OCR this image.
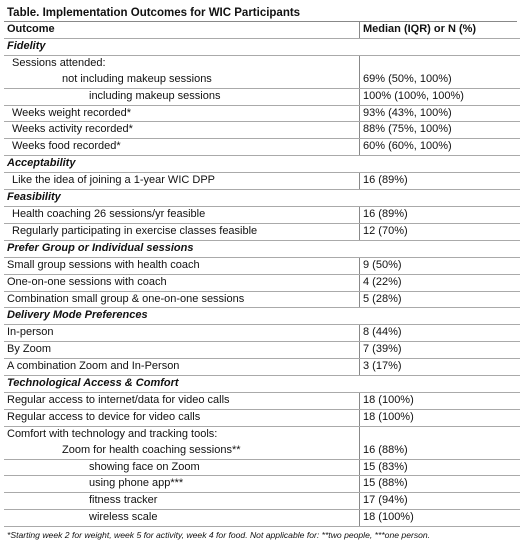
Table. Implementation Outcomes for WIC Participants
Outcome	Median (IQR) or N (%)
Fidelity	
Sessions attended:	
not including makeup sessions	69% (50%, 100%)
including makeup sessions	100% (100%, 100%)
Weeks weight recorded*	93% (43%, 100%)
Weeks activity recorded*	88% (75%, 100%)
Weeks food recorded*	60% (60%, 100%)
Acceptability	
Like the idea of joining a 1-year WIC DPP	16 (89%)
Feasibility	
Health coaching 26 sessions/yr feasible	16 (89%)
Regularly participating in exercise classes feasible	12 (70%)
Prefer Group or Individual sessions	
Small group sessions with health coach	9 (50%)
One-on-one sessions with coach	4 (22%)
Combination small group & one-on-one sessions	5 (28%)
Delivery Mode Preferences	
In-person	8 (44%)
By Zoom	7 (39%)
A combination Zoom and In-Person	3 (17%)
Technological Access & Comfort	
Regular access to internet/data for video calls	18 (100%)
Regular access to device for video calls	18 (100%)
Comfort with technology and tracking tools:	
Zoom for health coaching sessions**	16 (88%)
showing face on Zoom	15 (83%)
using phone app***	15 (88%)
fitness tracker	17 (94%)
wireless scale	18 (100%)
*Starting week 2 for weight, week 5 for activity, week 4 for food. Not applicable for: **two people, ***one person.
